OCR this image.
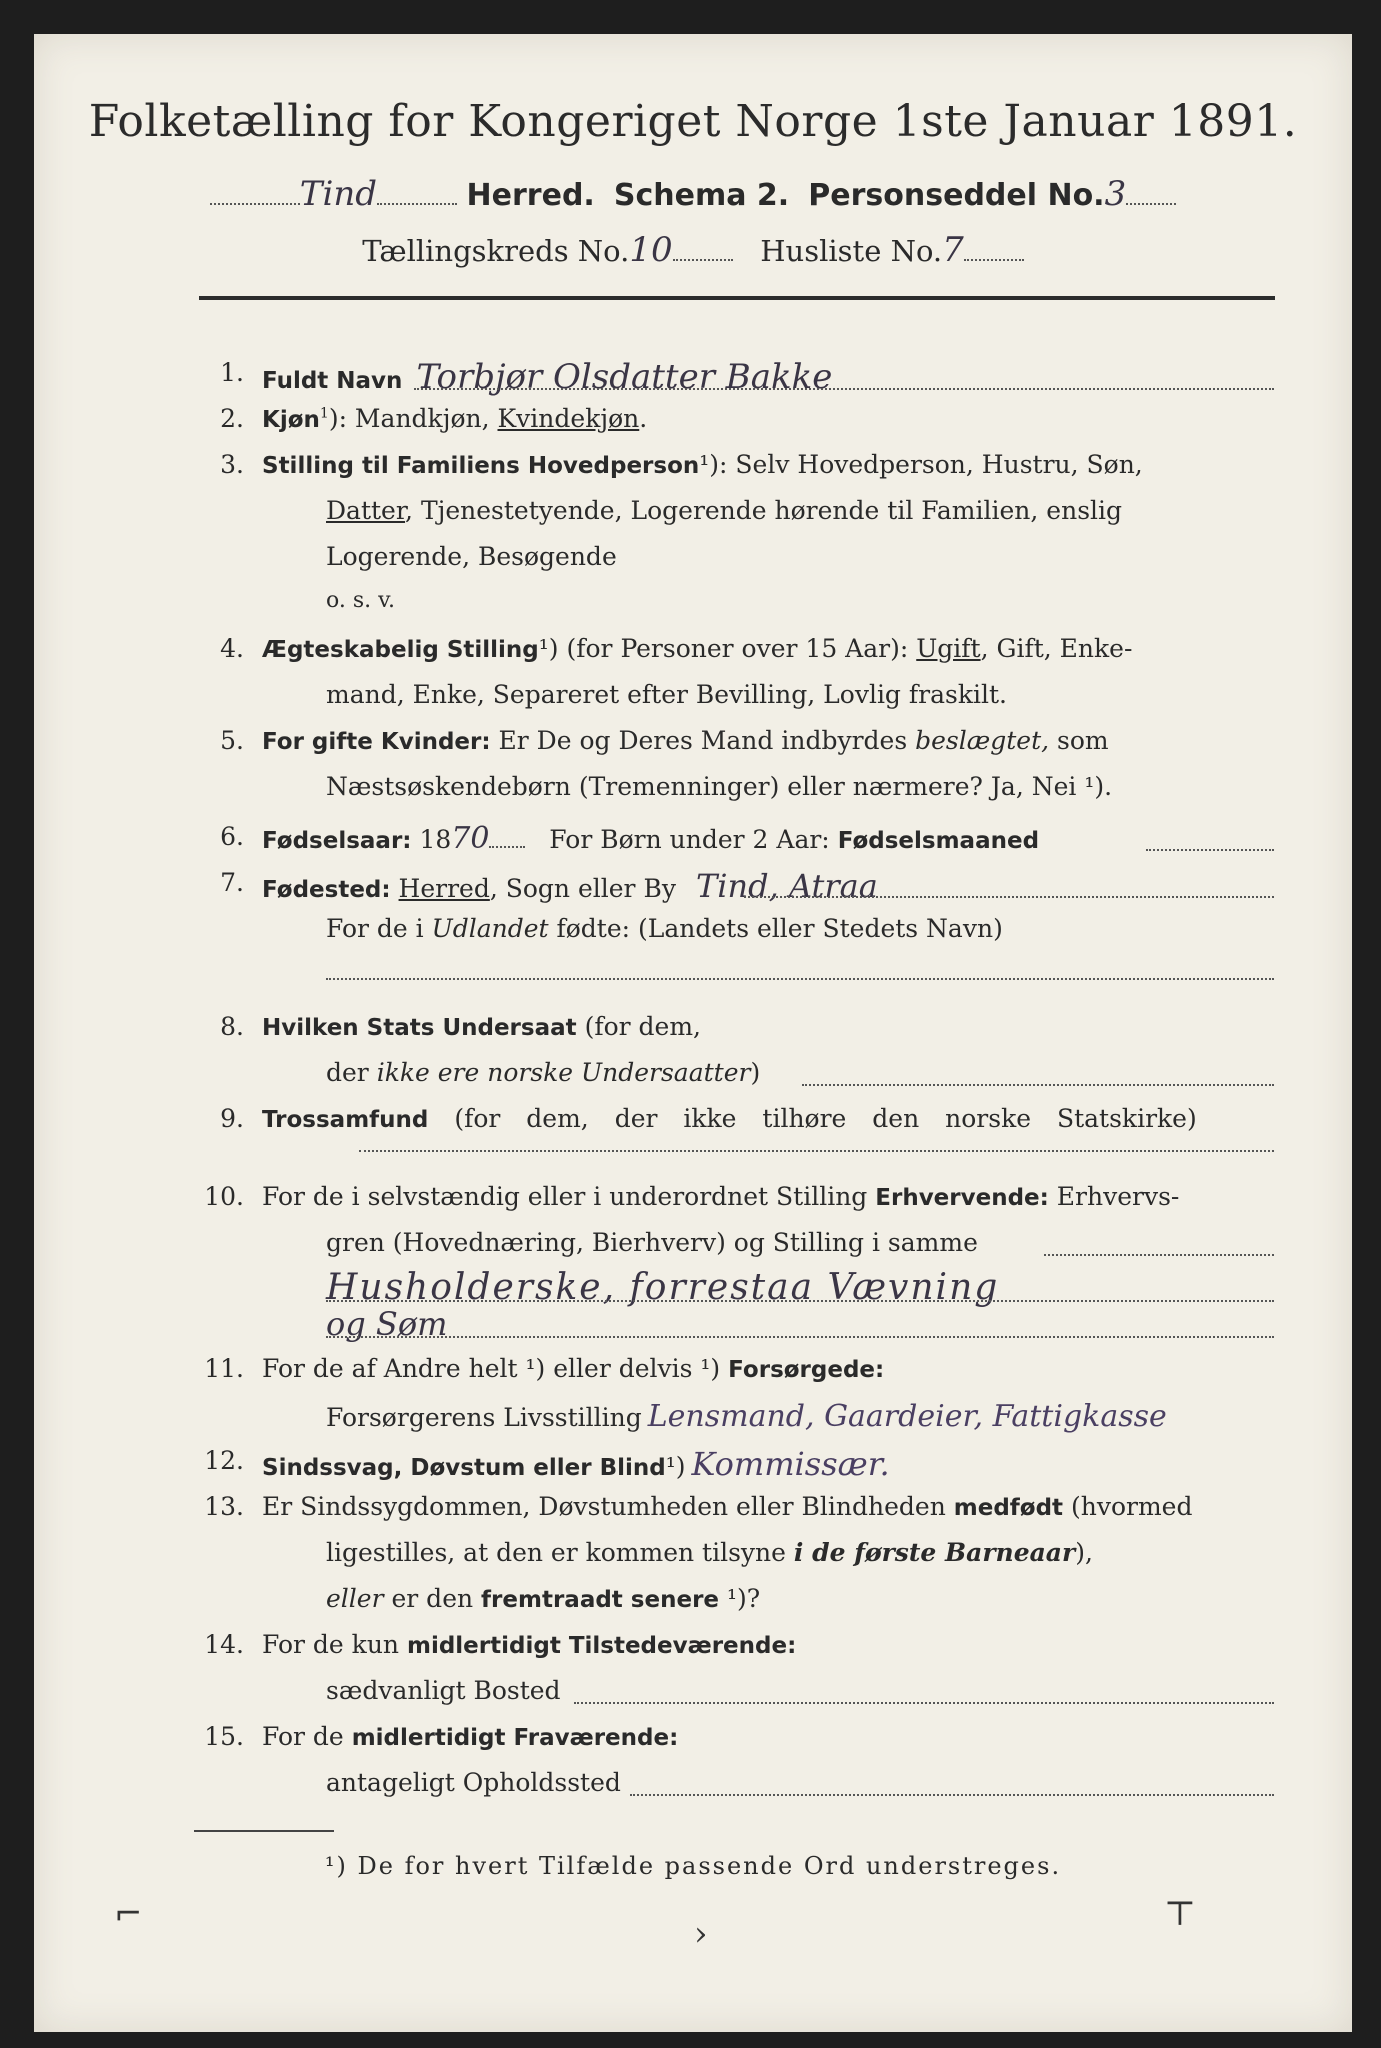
Folketælling for Kongeriget Norge 1ste Januar 1891.
Tind	Herred. Schema 2. Personseddel No.3
Tællingskreds No.10	Husliste No.7
1. Fuldt Navn Torbjør Olsdatter Bakke
2. Kjøn$^1$): Mandkjøn, Kvindekjøn.
3. Stilling til Familiens Hovedperson¹): Selv Hovedperson, Hustru, Søn,
Datter, Tjenestetyende, Logerende hørende til Familien, enslig
Logerende, Besøgende
o. s. v.
4. Ægteskabelig Stilling¹) (for Personer over 15 Aar): Ugift, Gift, Enke-
mand, Enke, Separeret efter Bevilling, Lovlig fraskilt.
5. For gifte Kvinder: Er De og Deres Mand indbyrdes beslægtet, som
Næstsøskendebørn (Tremenninger) eller nærmere? Ja, Nei ¹).
6. Fødselsaar: 1870 For Børn under 2 Aar: Fødselsmaaned
7. Fødested: Herred, Sogn eller By Tind, Atraa
For de i Udlandet fødte: (Landets eller Stedets Navn)
8. Hvilken Stats Undersaat (for dem,
der ikke ere norske Undersaatter)
9. Trossamfund (for dem, der ikke tilhøre den norske Statskirke)
10. For de i selvstændig eller i underordnet Stilling Erhvervende: Erhvervs-
gren (Hovednæring, Bierhverv) og Stilling i samme
Husholderske, forrestaa Vævning
og Søm
11. For de af Andre helt ¹) eller delvis ¹) Forsørgede:
Forsørgerens Livsstilling Lensmand, Gaardeier, Fattigkasse
12. Sindssvag, Døvstum eller Blind¹) Kommissær.
13. Er Sindssygdommen, Døvstumheden eller Blindheden medfødt (hvormed
ligestilles, at den er kommen tilsyne i de første Barneaar),
eller er den fremtraadt senere ¹)?
14. For de kun midlertidigt Tilstedeværende:
sædvanligt Bosted
15. For de midlertidigt Fraværende:
antageligt Opholdssted
¹) De for hvert Tilfælde passende Ord understreges.
⌐	›	⊤
